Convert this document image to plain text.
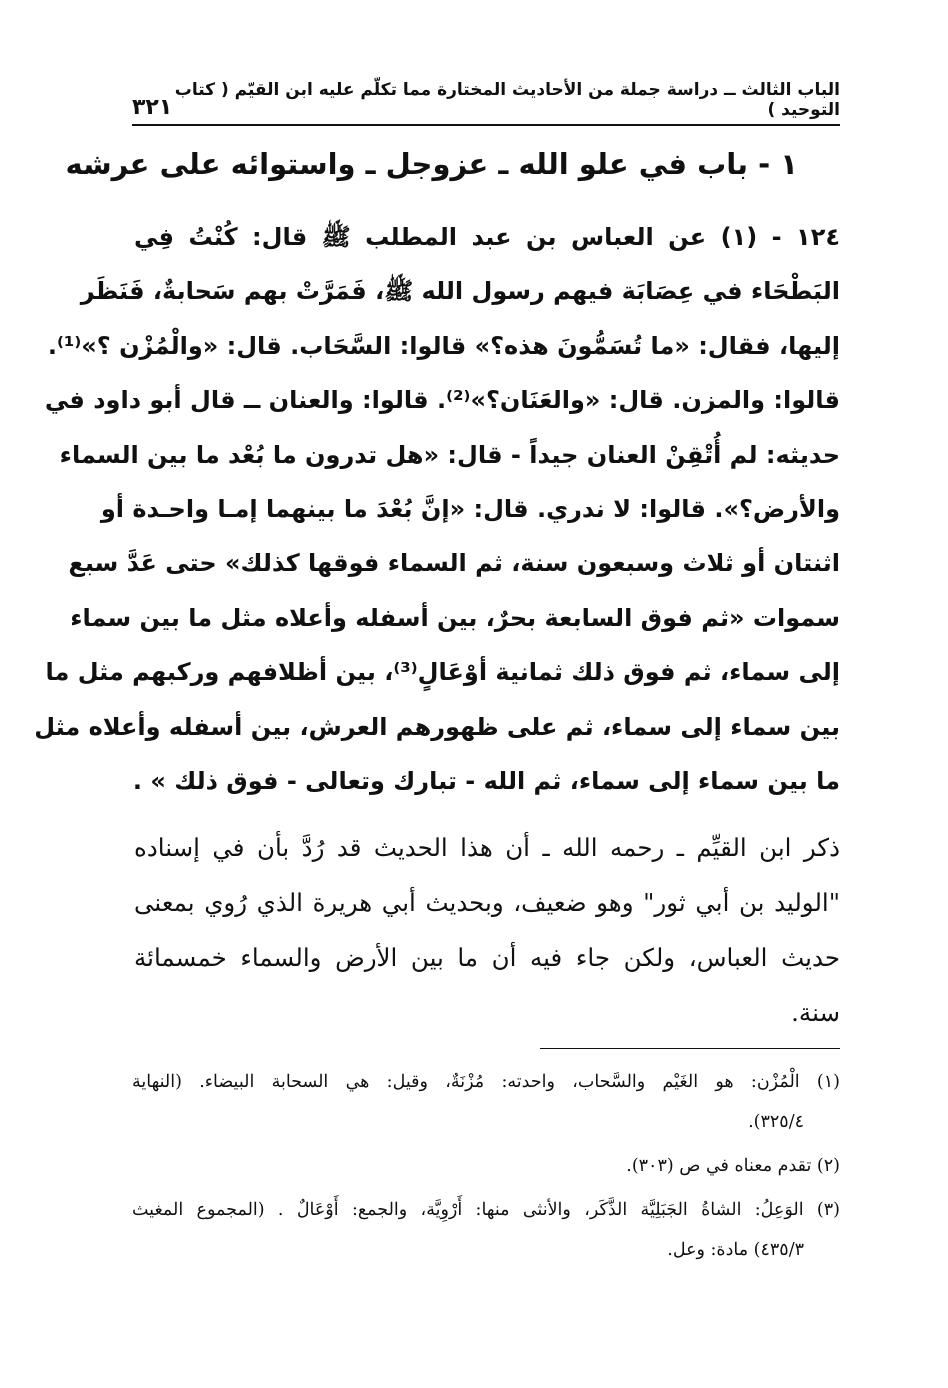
الباب الثالث ــ دراسة جملة من الأحاديث المختارة مما تكلّم عليه ابن القيّم ( كتاب التوحيد )
٣٢١
١ - باب في علو الله ـ عزوجل ـ واستوائه على عرشه
١٢٤ - (١) عن العباس بن عبد المطلب ﷺ قال: كُنْتُ فِي
البَطْحَاء في عِصَابَة فيهم رسول الله ﷺ، فَمَرَّتْ بهم سَحابةٌ، فَنَظَر
إليها، فقال: «ما تُسَمُّونَ هذه؟» قالوا: السَّحَاب. قال: «والْمُزْن ؟»⁽¹⁾.
قالوا: والمزن. قال: «والعَنَان؟»⁽²⁾. قالوا: والعنان ــ قال أبو داود في
حديثه: لم أُتْقِنْ العنان جيداً - قال: «هل تدرون ما بُعْد ما بين السماء
والأرض؟». قالوا: لا ندري. قال: «إنَّ بُعْدَ ما بينهما إمـا واحـدة أو
اثنتان أو ثلاث وسبعون سنة، ثم السماء فوقها كذلك» حتى عَدَّ سبع
سموات «ثم فوق السابعة بحرٌ، بين أسفله وأعلاه مثل ما بين سماء
إلى سماء، ثم فوق ذلك ثمانية أوْعَالٍ⁽³⁾، بين أظلافهم وركبهم مثل ما
بين سماء إلى سماء، ثم على ظهورهم العرش، بين أسفله وأعلاه مثل
ما بين سماء إلى سماء، ثم الله - تبارك وتعالى - فوق ذلك » .
ذكر ابن القيِّم ـ رحمه الله ـ أن هذا الحديث قد رُدَّ بأن في إسناده
"الوليد بن أبي ثور" وهو ضعيف، وبحديث أبي هريرة الذي رُوي بمعنى
حديث العباس، ولكن جاء فيه أن ما بين الأرض والسماء خمسمائة
سنة.
(١) الْمُزْن: هو الغَيْم والسَّحاب، واحدته: مُزْنَةٌ، وقيل: هي السحابة البيضاء. (النهاية
٣٢٥/٤).
(٢) تقدم معناه في ص (٣٠٣).
(٣) الوَعِلُ: الشاةُ الجَبَلِيَّة الذَّكَر، والأنثى منها: أَرْوِيَّة، والجمع: أَوْعَالٌ . (المجموع المغيث
٤٣٥/٣) مادة: وعل.
